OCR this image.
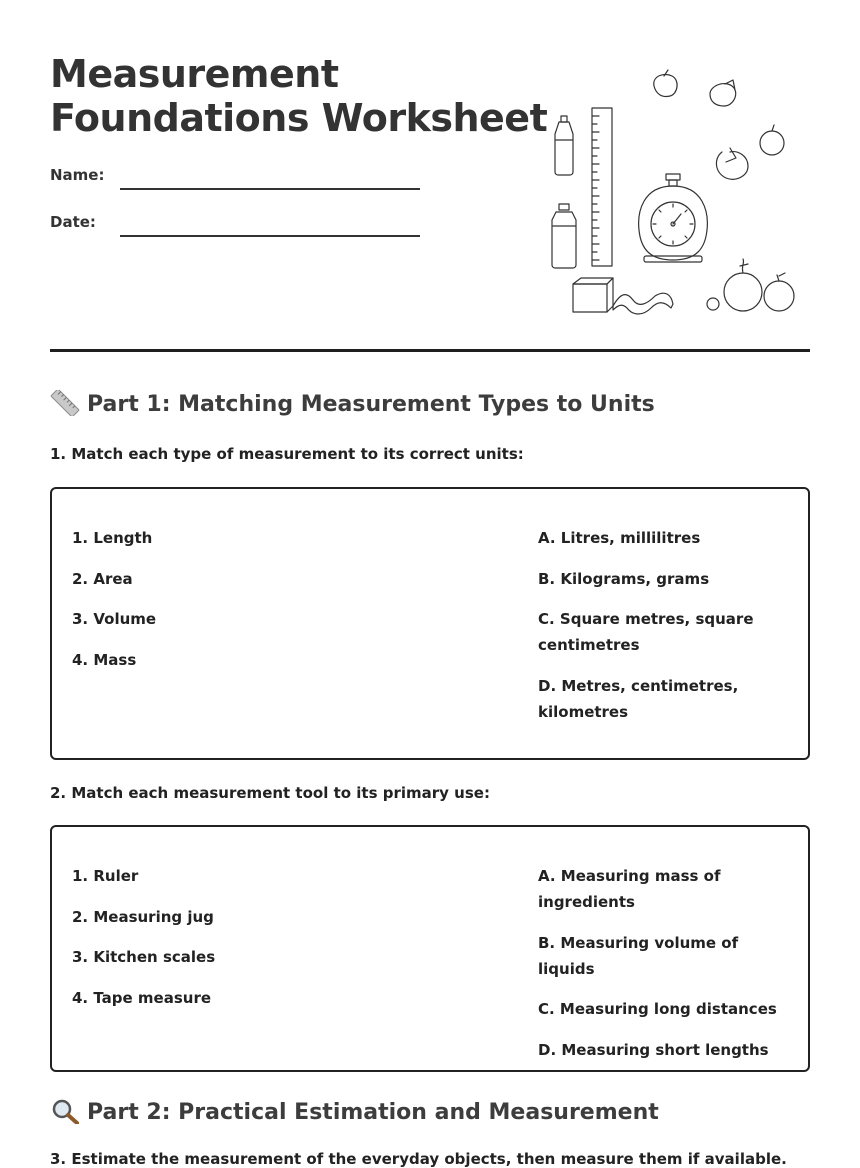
Measurement
Foundations Worksheet
Name:
Date:
Part 1: Matching Measurement Types to Units
1. Match each type of measurement to its correct units:
1. Length
2. Area
3. Volume
4. Mass
A. Litres, millilitres
B. Kilograms, grams
C. Square metres, square centimetres
D. Metres, centimetres, kilometres
2. Match each measurement tool to its primary use:
1. Ruler
2. Measuring jug
3. Kitchen scales
4. Tape measure
A. Measuring mass of ingredients
B. Measuring volume of liquids
C. Measuring long distances
D. Measuring short lengths
Part 2: Practical Estimation and Measurement
3. Estimate the measurement of the everyday objects, then measure them if available.
